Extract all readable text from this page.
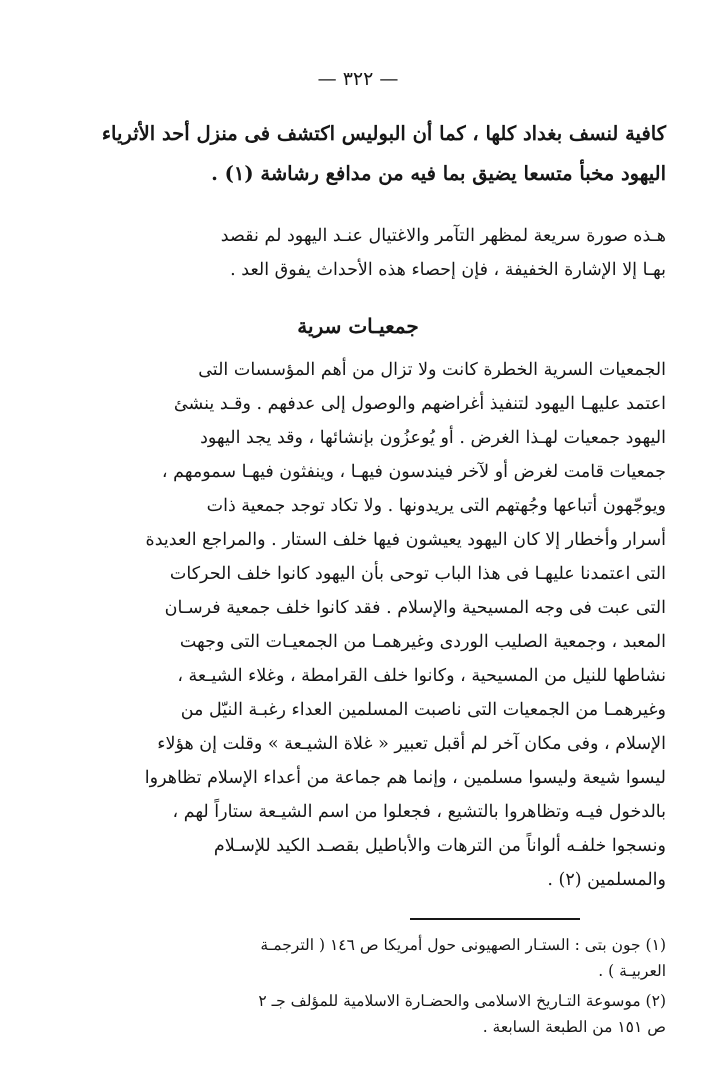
— ٣٢٢ —
كافية لنسف بغداد كلها ، كما أن البوليس اكتشف فى منزل أحد الأثرياء
اليهود مخبأ متسعا يضيق بما فيه من مدافع رشاشة (١) .
هـذه صورة سريعة لمظهر التآمر والاغتيال عنـد اليهود لم نقصد
بهـا إلا الإشارة الخفيفة ، فإن إحصاء هذه الأحداث يفوق العد .
جمعيـات سرية
الجمعيات السرية الخطرة كانت ولا تزال من أهم المؤسسات التى
اعتمد عليهـا اليهود لتنفيذ أغراضهم والوصول إلى عدفهم . وقـد ينشئ
اليهود جمعيات لهـذا الغرض . أو يُوعزُون بإنشائها ، وقد يجد اليهود
جمعيات قامت لغرض أو لآخر فيندسون فيهـا ، وينفثون فيهـا سمومهم ،
ويوجّهون أتباعها وجُهتهم التى يريدونها . ولا تكاد توجد جمعية ذات
أسرار وأخطار إلا كان اليهود يعيشون فيها خلف الستار . والمراجع العديدة
التى اعتمدنا عليهـا فى هذا الباب توحى بأن اليهود كانوا خلف الحركات
التى عبت فى وجه المسيحية والإسلام . فقد كانوا خلف جمعية فرسـان
المعبد ، وجمعية الصليب الوردى وغيرهمـا من الجمعيـات التى وجهت
نشاطها للنيل من المسيحية ، وكانوا خلف القرامطة ، وغلاء الشيـعة ،
وغيرهمـا من الجمعيات التى ناصبت المسلمين العداء رغبـة النيّل من
الإسلام ، وفى مكان آخر لم أقبل تعبير « غلاة الشيـعة » وقلت إن هؤلاء
ليسوا شيعة وليسوا مسلمين ، وإنما هم جماعة من أعداء الإسلام تظاهروا
بالدخول فيـه وتظاهروا بالتشيع ، فجعلوا من اسم الشيـعة ستاراً لهم ،
ونسجوا خلفـه ألواناً من الترهات والأباطيل بقصـد الكيد للإسـلام
والمسلمين (٢) .
(١) جون بتى : الستـار الصهيونى حول أمريكا ص ١٤٦ ( الترجمـة
العربيـة ) .
(٢) موسوعة التـاريخ الاسلامى والحضـارة الاسلامية للمؤلف جـ ٢
ص ١٥١ من الطبعة السابعة .
